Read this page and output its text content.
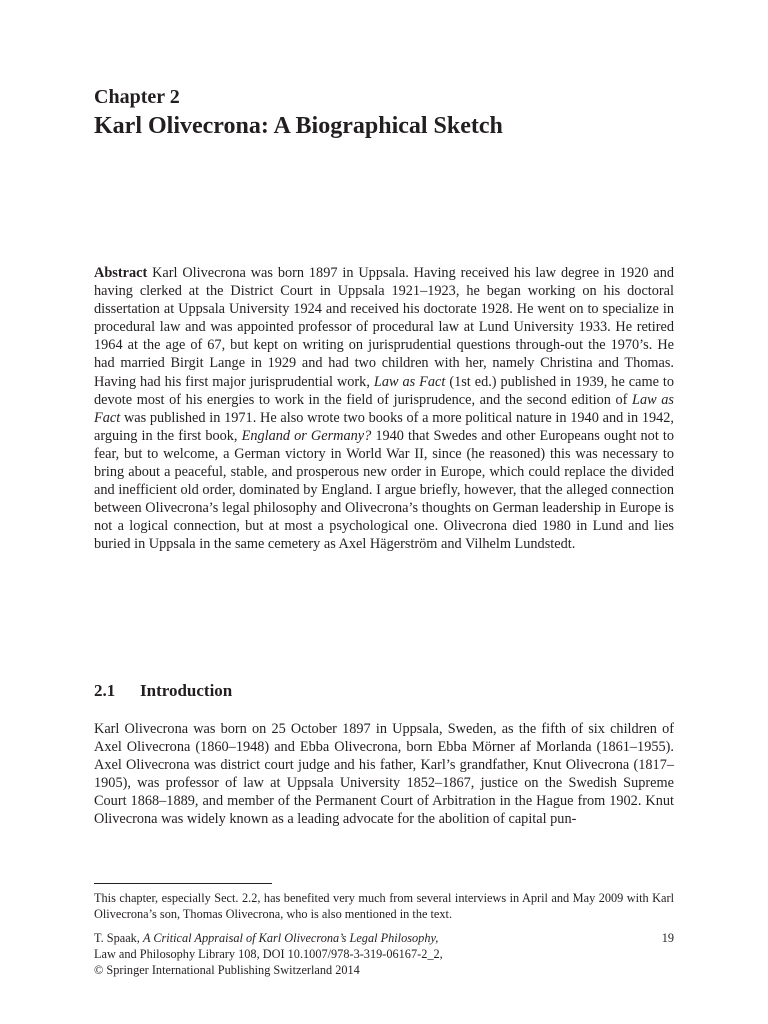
Chapter 2
Karl Olivecrona: A Biographical Sketch

Abstract Karl Olivecrona was born 1897 in Uppsala. Having received his law degree in 1920 and having clerked at the District Court in Uppsala 1921–1923, he began working on his doctoral dissertation at Uppsala University 1924 and received his doctorate 1928. He went on to specialize in procedural law and was appointed professor of procedural law at Lund University 1933. He retired 1964 at the age of 67, but kept on writing on jurisprudential questions through-out the 1970’s. He had married Birgit Lange in 1929 and had two children with her, namely Christina and Thomas. Having had his first major jurisprudential work, Law as Fact (1st ed.) published in 1939, he came to devote most of his energies to work in the field of jurisprudence, and the second edition of Law as Fact was published in 1971. He also wrote two books of a more political nature in 1940 and in 1942, arguing in the first book, England or Germany? 1940 that Swedes and other Europeans ought not to fear, but to welcome, a German victory in World War II, since (he reasoned) this was necessary to bring about a peaceful, stable, and prosperous new order in Europe, which could replace the divided and inefficient old order, dominated by England. I argue briefly, however, that the alleged connection between Olivecrona’s legal philosophy and Olivecrona’s thoughts on German leadership in Europe is not a logical connection, but at most a psychological one. Olivecrona died 1980 in Lund and lies buried in Uppsala in the same cemetery as Axel Hägerström and Vilhelm Lundstedt.

2.1 Introduction

Karl Olivecrona was born on 25 October 1897 in Uppsala, Sweden, as the fifth of six children of Axel Olivecrona (1860–1948) and Ebba Olivecrona, born Ebba Mörner af Morlanda (1861–1955). Axel Olivecrona was district court judge and his father, Karl’s grandfather, Knut Olivecrona (1817–1905), was professor of law at Uppsala University 1852–1867, justice on the Swedish Supreme Court 1868–1889, and member of the Permanent Court of Arbitration in the Hague from 1902. Knut Olivecrona was widely known as a leading advocate for the abolition of capital pun-

This chapter, especially Sect. 2.2, has benefited very much from several interviews in April and May 2009 with Karl Olivecrona’s son, Thomas Olivecrona, who is also mentioned in the text.

T. Spaak, A Critical Appraisal of Karl Olivecrona’s Legal Philosophy,
Law and Philosophy Library 108, DOI 10.1007/978-3-319-06167-2_2,
© Springer International Publishing Switzerland 2014
19
